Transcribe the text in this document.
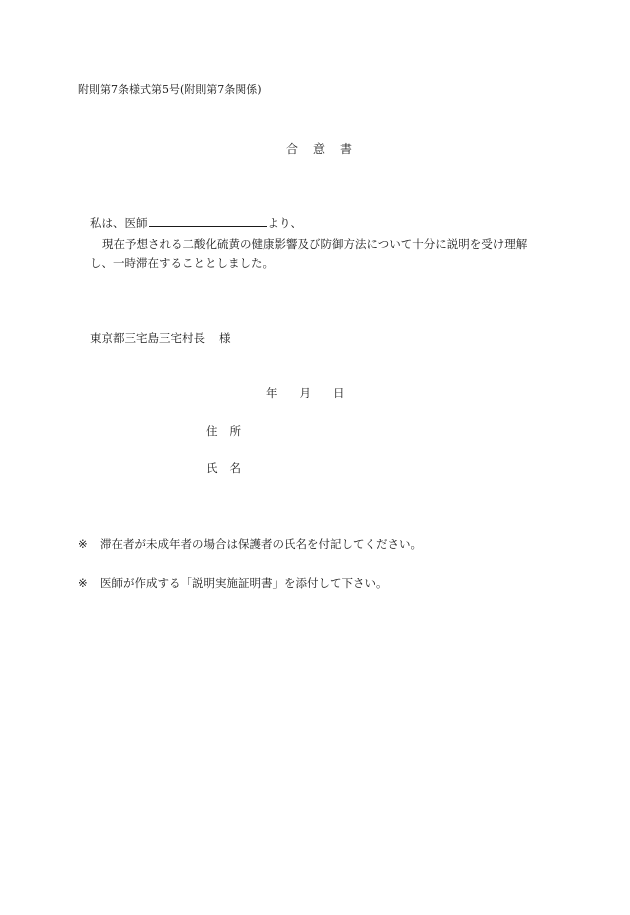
附則第7条様式第5号(附則第7条関係)
合 意 書
私は、医師	より、
現在予想される二酸化硫黄の健康影響及び防御方法について十分に説明を受け理解
し、一時滞在することとしました。
東京都三宅島三宅村長 様
年 月 日
住 所
氏 名
※ 滞在者が未成年者の場合は保護者の氏名を付記してください。
※ 医師が作成する「説明実施証明書」を添付して下さい。
